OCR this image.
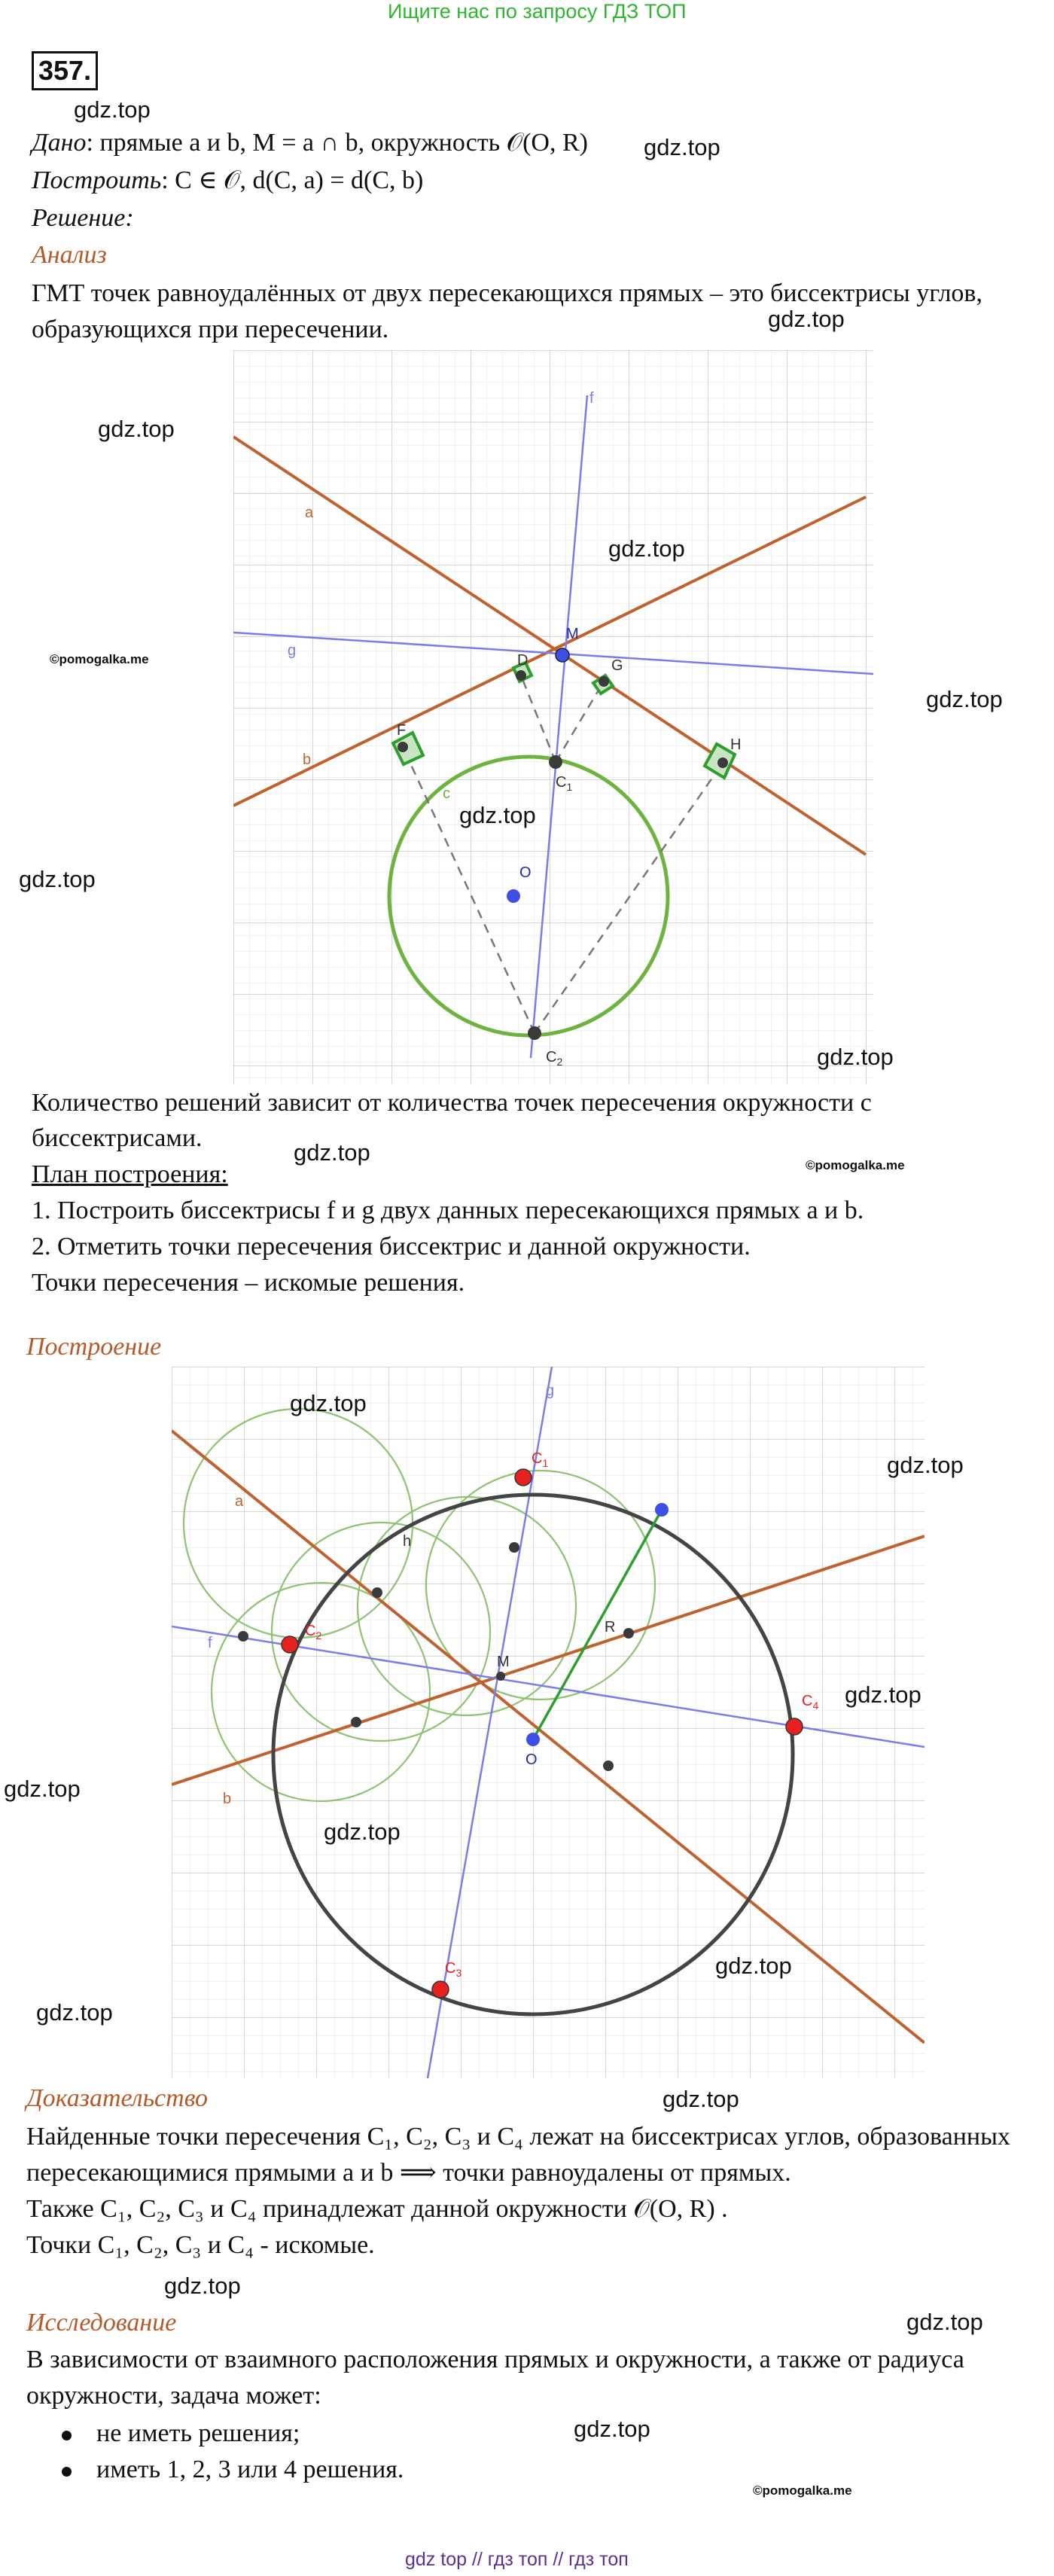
Ищите нас по запросу ГДЗ ТОП
357.
gdz.top
Дано: прямые a и b, M = a ∩ b, окружность 𝒪(O, R) gdz.top
Построить: C ∈ 𝒪, d(C, a) = d(C, b)
Решение:
Анализ
ГМТ точек равноудалённых от двух пересекающихся прямых – это биссектрисы углов,
gdz.top
образующихся при пересечении.
a
b
f
g
c
M
D	G
F
H
$C_1$
$C_2$
O
gdz.top
gdz.top
©pomogalka.me
gdz.top
gdz.top
gdz.top
gdz.top
Количество решений зависит от количества точек пересечения окружности с
биссектрисами.
gdz.top	©pomogalka.me
План построения:
1. Построить биссектрисы f и g двух данных пересекающихся прямых a и b.
2. Отметить точки пересечения биссектрис и данной окружности.
Точки пересечения – искомые решения.
Построение
a
b
f
g
h
M
R
O
$C_1$
$C_2$
$C_3$
$C_4$
gdz.top
gdz.top
gdz.top
gdz.top
gdz.top
gdz.top
gdz.top
Доказательство	gdz.top
Найденные точки пересечения C₁, C₂, C₃ и C₄ лежат на биссектрисах углов, образованных
пересекающимися прямыми a и b ⟹ точки равноудалены от прямых.
Также C₁, C₂, C₃ и C₄ принадлежат данной окружности 𝒪(O, R) .
Точки C₁, C₂, C₃ и C₄ - искомые.
gdz.top
Исследование	gdz.top
В зависимости от взаимного расположения прямых и окружности, а также от радиуса
окружности, задача может:
gdz.top
не иметь решения;
иметь 1, 2, 3 или 4 решения.
©pomogalka.me
gdz top // гдз топ // гдз топ
